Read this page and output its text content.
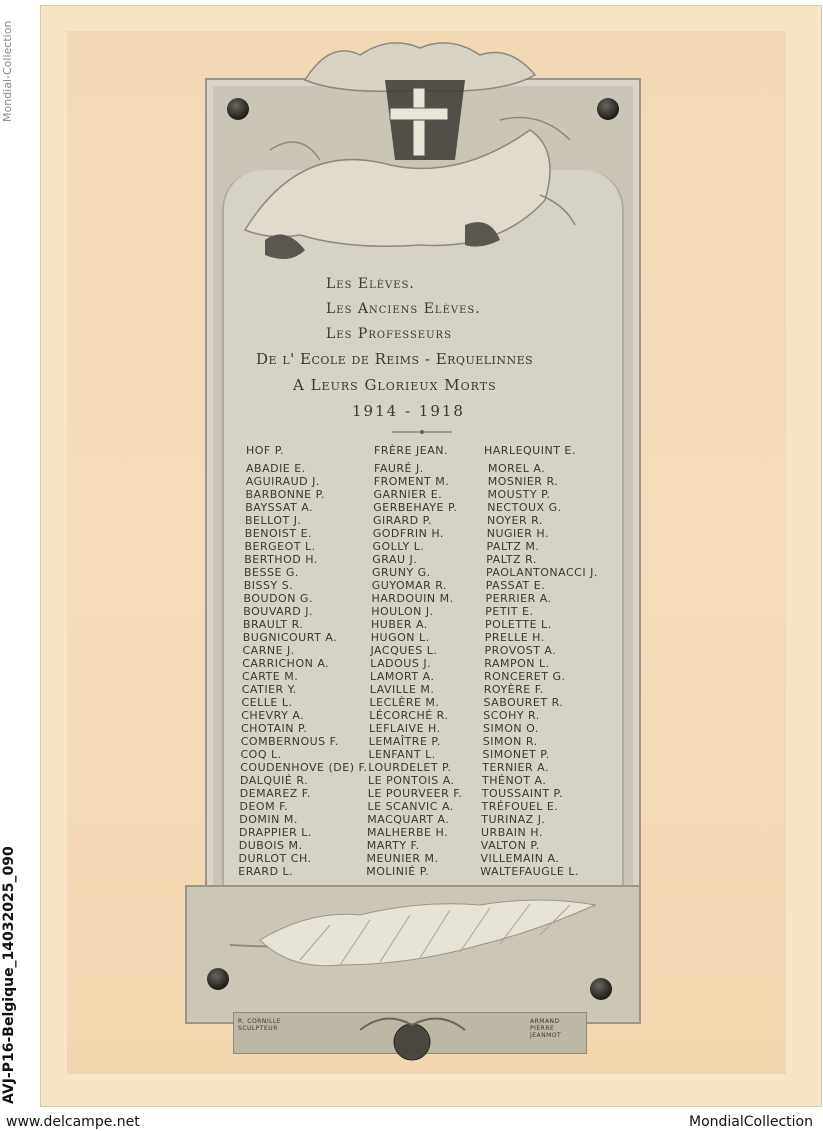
Mondial-Collection
Les Elèves.
Les Anciens Elèves.
Les Professeurs
De l' Ecole de Reims - Erquelinnes
A Leurs Glorieux Morts
1914 - 1918
HOF P.
ABADIE E.
AGUIRAUD J.
BARBONNE P.
BAYSSAT A.
BELLOT J.
BENOIST E.
BERGEOT L.
BERTHOD H.
BESSE G.
BISSY S.
BOUDON G.
BOUVARD J.
BRAULT R.
BUGNICOURT A.
CARNE J.
CARRICHON A.
CARTE M.
CATIER Y.
CELLE L.
CHEVRY A.
CHOTAIN P.
COMBERNOUS F.
COQ L.
COUDENHOVE (DE) F.
DALQUIÉ R.
DEMAREZ F.
DEOM F.
DOMIN M.
DRAPPIER L.
DUBOIS M.
DURLOT CH.
ERARD L.
FRÈRE JEAN.
FAURÉ J.
FROMENT M.
GARNIER E.
GERBEHAYE P.
GIRARD P.
GODFRIN H.
GOLLY L.
GRAU J.
GRUNY G.
GUYOMAR R.
HARDOUIN M.
HOULON J.
HUBER A.
HUGON L.
JACQUES L.
LADOUS J.
LAMORT A.
LAVILLE M.
LECLÈRE M.
LÉCORCHÉ R.
LEFLAIVE H.
LEMAÎTRE P.
LENFANT L.
LOURDELET P.
LE PONTOIS A.
LE POURVEER F.
LE SCANVIC A.
MACQUART A.
MALHERBE H.
MARTY F.
MEUNIER M.
MOLINIÉ P.
HARLEQUINT E.
MOREL A.
MOSNIER R.
MOUSTY P.
NECTOUX G.
NOYER R.
NUGIER H.
PALTZ M.
PALTZ R.
PAOLANTONACCI J.
PASSAT E.
PERRIER A.
PETIT E.
POLETTE L.
PRELLE H.
PROVOST A.
RAMPON L.
RONCERET G.
ROYÈRE F.
SABOURET R.
SCOHY R.
SIMON O.
SIMON R.
SIMONET P.
TERNIER A.
THÉNOT A.
TOUSSAINT P.
TRÉFOUEL E.
TURINAZ J.
URBAIN H.
VALTON P.
VILLEMAIN A.
WALTEFAUGLE L.
R. CORNILLE SCULPTEUR
ARMAND PIERRE JEANMOT
AVJ-P16-Belgique_14032025_090
www.delcampe.net	MondialCollection
